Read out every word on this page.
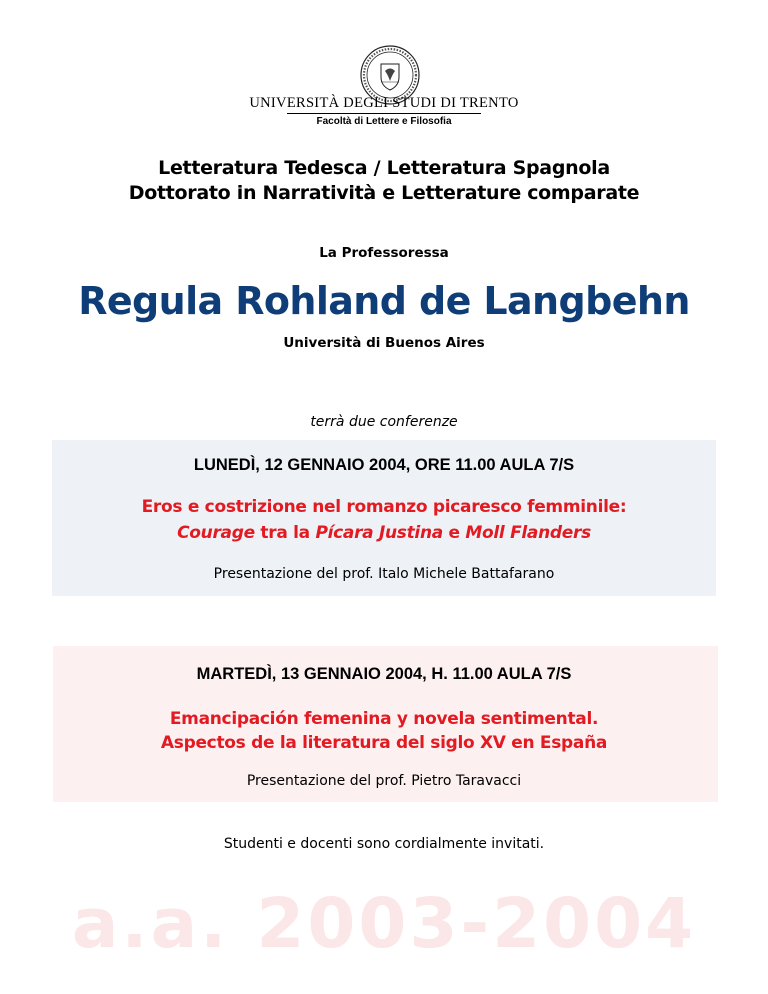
UNIVERSITÀ DEGLI STUDI DI TRENTO
Facoltà di Lettere e Filosofia
Letteratura Tedesca / Letteratura Spagnola
Dottorato in Narratività e Letterature comparate
La Professoressa
Regula Rohland de Langbehn
Università di Buenos Aires
terrà due conferenze
LUNEDÌ, 12 GENNAIO 2004, ORE 11.00 AULA 7/S
Eros e costrizione nel romanzo picaresco femminile:
Courage tra la Pícara Justina e Moll Flanders
Presentazione del prof. Italo Michele Battafarano
MARTEDÌ, 13 GENNAIO 2004, H. 11.00 AULA 7/S
Emancipación femenina y novela sentimental.
Aspectos de la literatura del siglo XV en España
Presentazione del prof. Pietro Taravacci
Studenti e docenti sono cordialmente invitati.
a.a. 2003-2004
